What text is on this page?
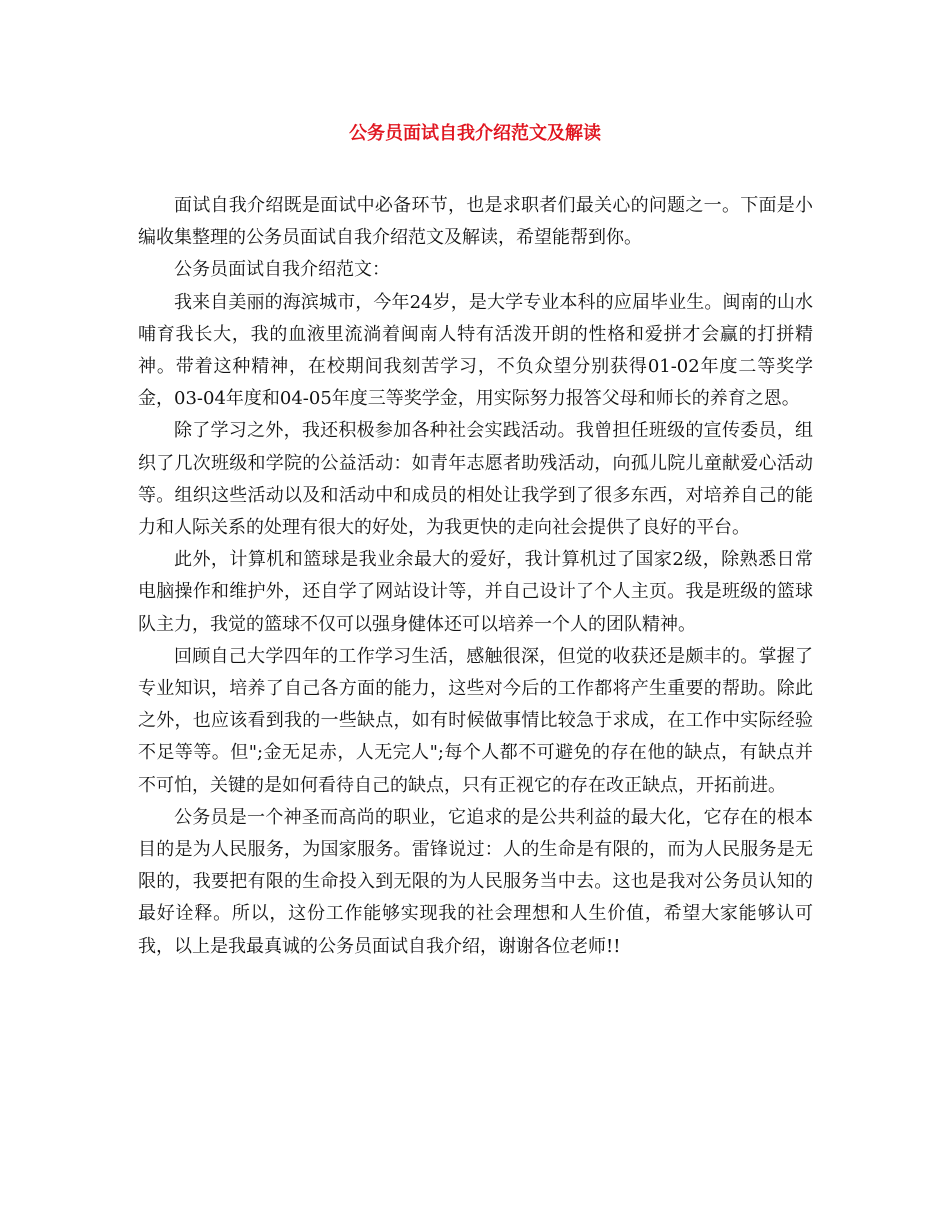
公务员面试自我介绍范文及解读

面试自我介绍既是面试中必备环节，也是求职者们最关心的问题之一。下面是小编收集整理的公务员面试自我介绍范文及解读，希望能帮到你。

公务员面试自我介绍范文：

我来自美丽的海滨城市，今年24岁，是大学专业本科的应届毕业生。闽南的山水哺育我长大，我的血液里流淌着闽南人特有活泼开朗的性格和爱拼才会赢的打拼精神。带着这种精神，在校期间我刻苦学习，不负众望分别获得01-02年度二等奖学金，03-04年度和04-05年度三等奖学金，用实际努力报答父母和师长的养育之恩。

除了学习之外，我还积极参加各种社会实践活动。我曾担任班级的宣传委员，组织了几次班级和学院的公益活动：如青年志愿者助残活动，向孤儿院儿童献爱心活动等。组织这些活动以及和活动中和成员的相处让我学到了很多东西，对培养自己的能力和人际关系的处理有很大的好处，为我更快的走向社会提供了良好的平台。

此外，计算机和篮球是我业余最大的爱好，我计算机过了国家2级，除熟悉日常电脑操作和维护外，还自学了网站设计等，并自己设计了个人主页。我是班级的篮球队主力，我觉的篮球不仅可以强身健体还可以培养一个人的团队精神。

回顾自己大学四年的工作学习生活，感触很深，但觉的收获还是颇丰的。掌握了专业知识，培养了自己各方面的能力，这些对今后的工作都将产生重要的帮助。除此之外，也应该看到我的一些缺点，如有时候做事情比较急于求成，在工作中实际经验不足等等。但";金无足赤，人无完人";每个人都不可避免的存在他的缺点，有缺点并不可怕，关键的是如何看待自己的缺点，只有正视它的存在改正缺点，开拓前进。

公务员是一个神圣而高尚的职业，它追求的是公共利益的最大化，它存在的根本目的是为人民服务，为国家服务。雷锋说过：人的生命是有限的，而为人民服务是无限的，我要把有限的生命投入到无限的为人民服务当中去。这也是我对公务员认知的最好诠释。所以，这份工作能够实现我的社会理想和人生价值，希望大家能够认可我，以上是我最真诚的公务员面试自我介绍，谢谢各位老师!!
